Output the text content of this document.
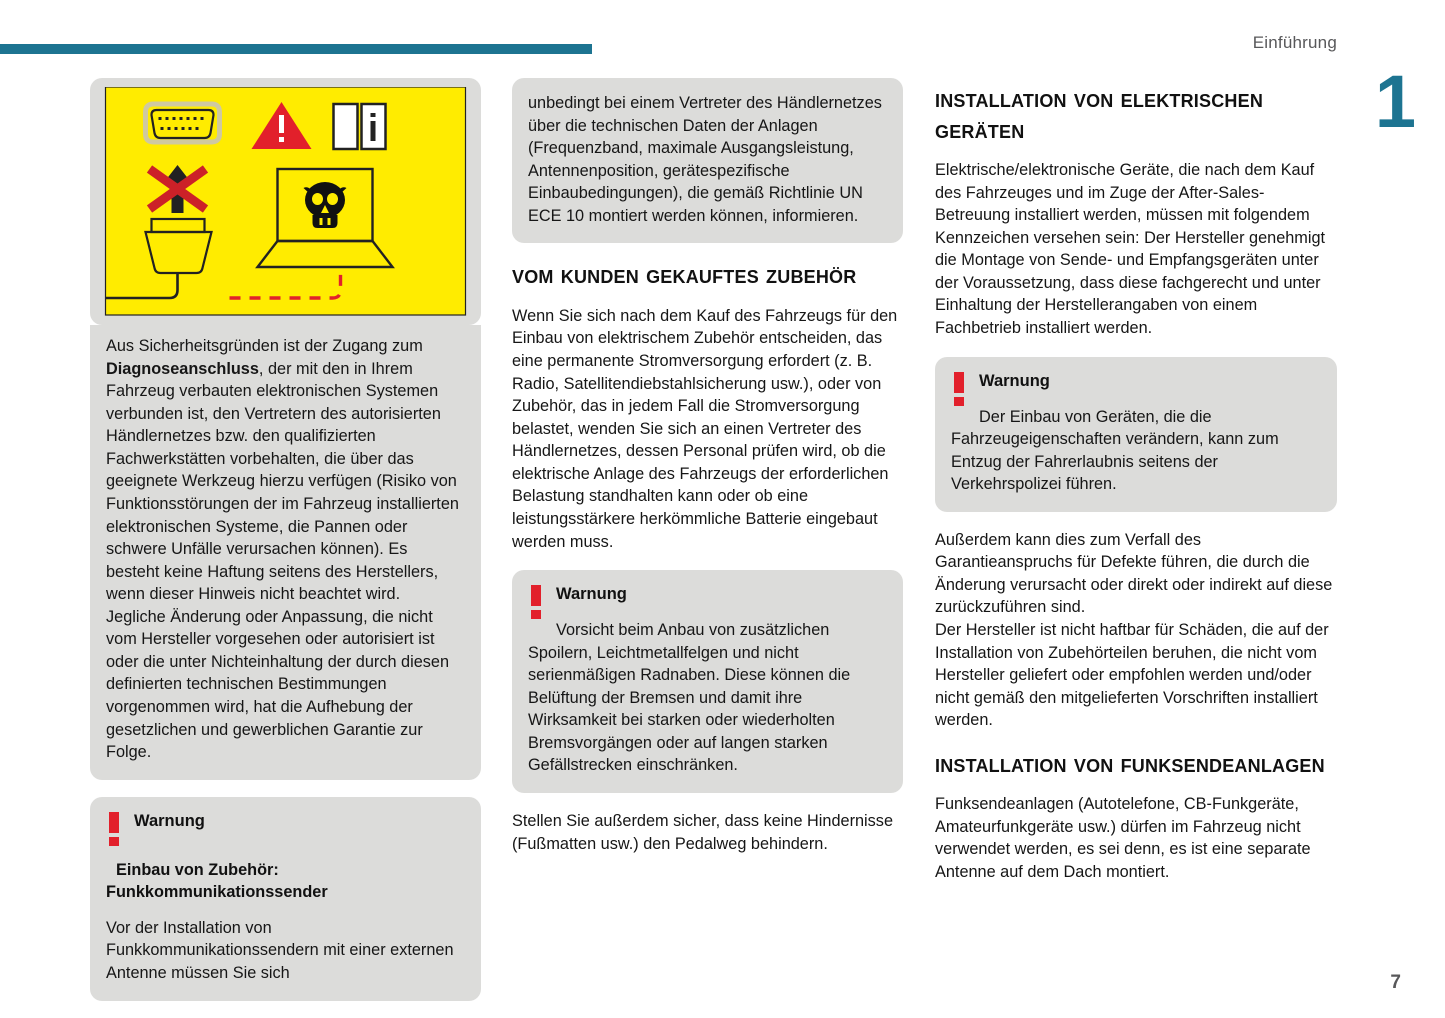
Einführung
1
7

Aus Sicherheitsgründen ist der Zugang zum Diagnoseanschluss, der mit den in Ihrem Fahrzeug verbauten elektronischen Systemen verbunden ist, den Vertretern des autorisierten Händlernetzes bzw. den qualifizierten Fachwerkstätten vorbehalten, die über das geeignete Werkzeug hierzu verfügen (Risiko von Funktionsstörungen der im Fahrzeug installierten elektronischen Systeme, die Pannen oder schwere Unfälle verursachen können). Es besteht keine Haftung seitens des Herstellers, wenn dieser Hinweis nicht beachtet wird.

Jegliche Änderung oder Anpassung, die nicht vom Hersteller vorgesehen oder autorisiert ist oder die unter Nichteinhaltung der durch diesen definierten technischen Bestimmungen vorgenommen wird, hat die Aufhebung der gesetzlichen und gewerblichen Garantie zur Folge.

Warnung
Einbau von Zubehör: Funkkommunikationssender
Vor der Installation von Funkkommunikationssendern mit einer externen Antenne müssen Sie sich

unbedingt bei einem Vertreter des Händlernetzes über die technischen Daten der Anlagen (Frequenzband, maximale Ausgangsleistung, Antennenposition, gerätespezifische Einbaubedingungen), die gemäß Richtlinie UN ECE 10 montiert werden können, informieren.

vom kunden gekauftes zubehör

Wenn Sie sich nach dem Kauf des Fahrzeugs für den Einbau von elektrischem Zubehör entscheiden, das eine permanente Stromversorgung erfordert (z. B. Radio, Satellitendiebstahlsicherung usw.), oder von Zubehör, das in jedem Fall die Stromversorgung belastet, wenden Sie sich an einen Vertreter des Händlernetzes, dessen Personal prüfen wird, ob die elektrische Anlage des Fahrzeugs der erforderlichen Belastung standhalten kann oder ob eine leistungsstärkere herkömmliche Batterie eingebaut werden muss.

Warnung
Vorsicht beim Anbau von zusätzlichen Spoilern, Leichtmetallfelgen und nicht serienmäßigen Radnaben. Diese können die Belüftung der Bremsen und damit ihre Wirksamkeit bei starken oder wiederholten Bremsvorgängen oder auf langen starken Gefällstrecken einschränken.

Stellen Sie außerdem sicher, dass keine Hindernisse (Fußmatten usw.) den Pedalweg behindern.

installation von elektrischen geräten

Elektrische/elektronische Geräte, die nach dem Kauf des Fahrzeuges und im Zuge der After-Sales-Betreuung installiert werden, müssen mit folgendem Kennzeichen versehen sein: Der Hersteller genehmigt die Montage von Sende- und Empfangsgeräten unter der Voraussetzung, dass diese fachgerecht und unter Einhaltung der Herstellerangaben von einem Fachbetrieb installiert werden.

Warnung
Der Einbau von Geräten, die die Fahrzeugeigenschaften verändern, kann zum Entzug der Fahrerlaubnis seitens der Verkehrspolizei führen.

Außerdem kann dies zum Verfall des Garantieanspruchs für Defekte führen, die durch die Änderung verursacht oder direkt oder indirekt auf diese zurückzuführen sind.

Der Hersteller ist nicht haftbar für Schäden, die auf der Installation von Zubehörteilen beruhen, die nicht vom Hersteller geliefert oder empfohlen werden und/oder nicht gemäß den mitgelieferten Vorschriften installiert werden.

installation von funksendeanlagen

Funksendeanlagen (Autotelefone, CB-Funkgeräte, Amateurfunkgeräte usw.) dürfen im Fahrzeug nicht verwendet werden, es sei denn, es ist eine separate Antenne auf dem Dach montiert.
